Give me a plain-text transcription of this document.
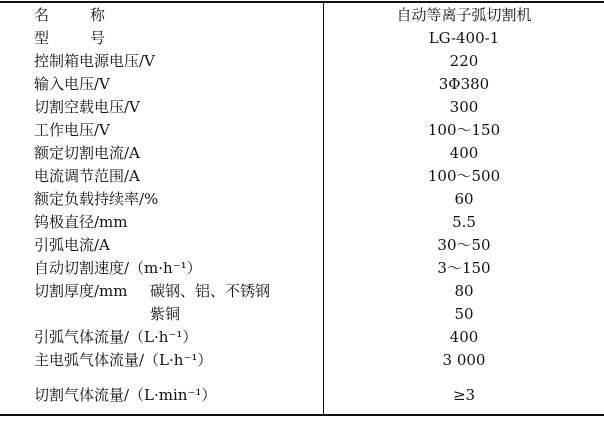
名	称	自动等离子弧切割机
型	号	LG-400-1
控制箱电源电压/V	220
输入电压/V	3Φ380
切割空载电压/V	300
工作电压/V	100～150
额定切割电流/A	400
电流调节范围/A	100～500
额定负载持续率/%	60
钨极直径/mm	5.5
引弧电流/A	30～50
自动切割速度/（m·h⁻¹）	3～150
切割厚度/mm 碳钢、铝、不锈钢	80
紫铜	50
引弧气体流量/（L·h⁻¹）	400
主电弧气体流量/（L·h⁻¹）	3 000
切割气体流量/（L·min⁻¹）	≥3
